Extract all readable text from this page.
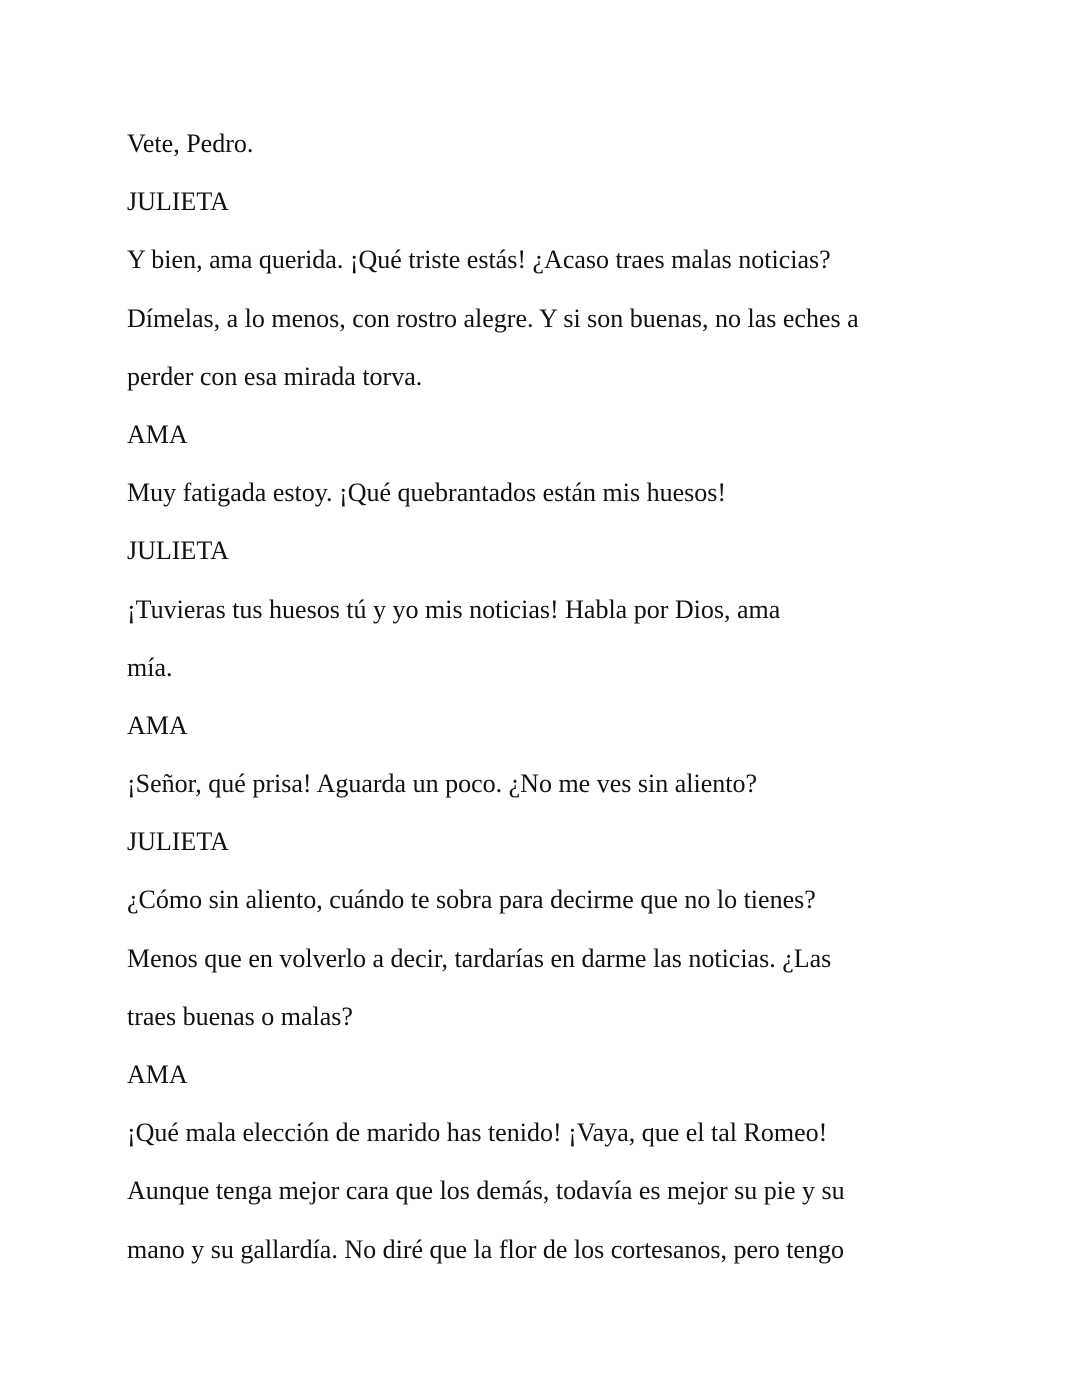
Vete, Pedro.

JULIETA

Y bien, ama querida. ¡Qué triste estás! ¿Acaso traes malas noticias?

Dímelas, a lo menos, con rostro alegre. Y si son buenas, no las eches a

perder con esa mirada torva.

AMA

Muy fatigada estoy. ¡Qué quebrantados están mis huesos!

JULIETA

¡Tuvieras tus huesos tú y yo mis noticias! Habla por Dios, ama

mía.

AMA

¡Señor, qué prisa! Aguarda un poco. ¿No me ves sin aliento?

JULIETA

¿Cómo sin aliento, cuándo te sobra para decirme que no lo tienes?

Menos que en volverlo a decir, tardarías en darme las noticias. ¿Las

traes buenas o malas?

AMA

¡Qué mala elección de marido has tenido! ¡Vaya, que el tal Romeo!

Aunque tenga mejor cara que los demás, todavía es mejor su pie y su

mano y su gallardía. No diré que la flor de los cortesanos, pero tengo
